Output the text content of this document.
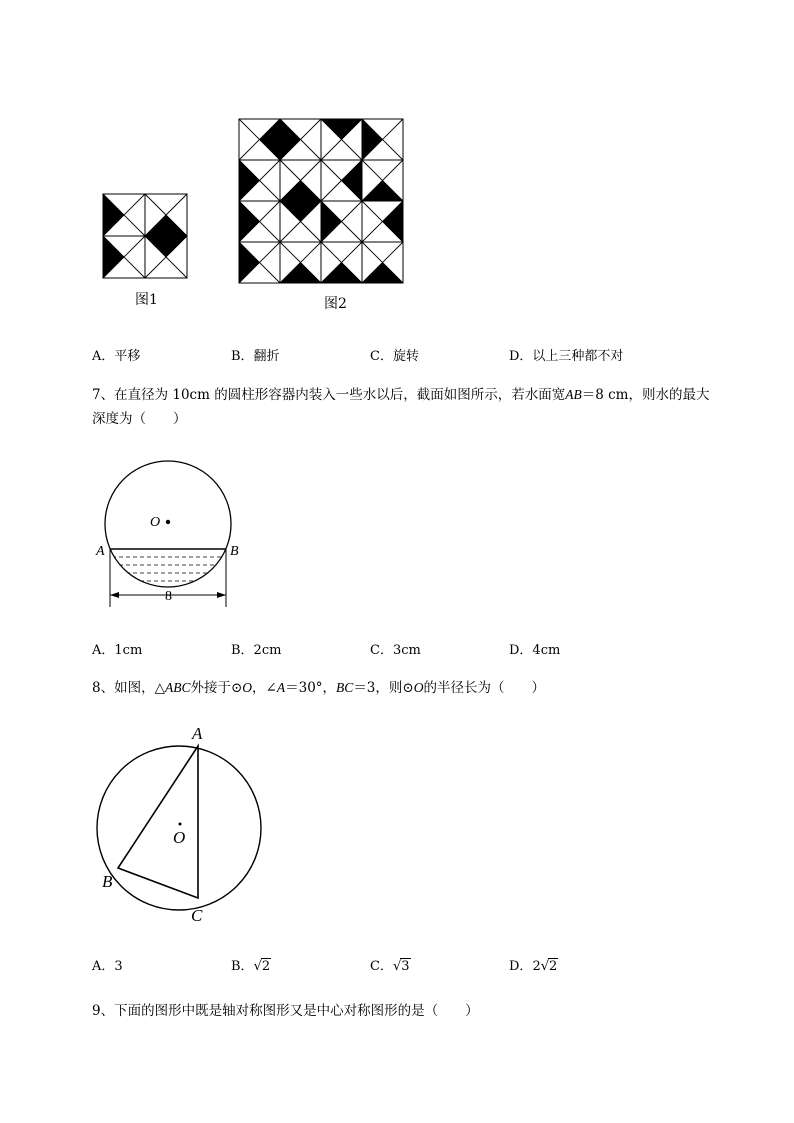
图1	图2
A．平移	B．翻折	C．旋转	D．以上三种都不对
7、在直径为 10cm 的圆柱形容器内装入一些水以后，截面如图所示，若水面宽AB＝8 cm，则水的最大
深度为（　　）
O
A	B
8
A．1cm	B．2cm	C．3cm	D．4cm
8、如图，△ABC外接于⊙O，∠A＝30°，BC＝3，则⊙O的半径长为（　　）
A
B
C
O
A．3	B．√2	C．√3	D．2√2
9、下面的图形中既是轴对称图形又是中心对称图形的是（　　）
